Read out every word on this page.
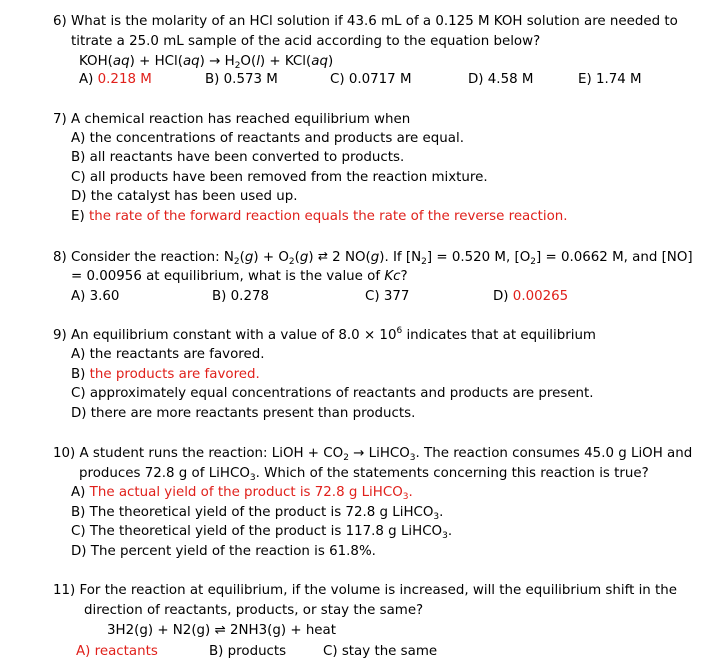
6) What is the molarity of an HCl solution if 43.6 mL of a 0.125 M KOH solution are needed to
titrate a 25.0 mL sample of the acid according to the equation below?
$KOH(aq) + HCl(aq) \to H_2O(l) + KCl(aq)$
A) 0.218 M	B) 0.573 M	C) 0.0717 M	D) 4.58 M	E) 1.74 M
7) A chemical reaction has reached equilibrium when
A) the concentrations of reactants and products are equal.
B) all reactants have been converted to products.
C) all products have been removed from the reaction mixture.
D) the catalyst has been used up.
E) the rate of the forward reaction equals the rate of the reverse reaction.
8) Consider the reaction: $N_2(g) + O_2(g)$ ⇄ 2 NO(g). If $[N_2] = 0.520$ M, $[O_2] = 0.0662$ M, and [NO]
= 0.00956 at equilibrium, what is the value of Kc?
A) 3.60	B) 0.278	C) 377	D) 0.00265
9) An equilibrium constant with a value of $8.0 \times 10^6$ indicates that at equilibrium
A) the reactants are favored.
B) the products are favored.
C) approximately equal concentrations of reactants and products are present.
D) there are more reactants present than products.
10) A student runs the reaction: LiOH + $CO_2$ → LiHCO$_3$. The reaction consumes 45.0 g LiOH and
produces 72.8 g of LiHCO$_3$. Which of the statements concerning this reaction is true?
A) The actual yield of the product is 72.8 g LiHCO$_3$.
B) The theoretical yield of the product is 72.8 g LiHCO$_3$.
C) The theoretical yield of the product is 117.8 g LiHCO$_3$.
D) The percent yield of the reaction is 61.8%.
11) For the reaction at equilibrium, if the volume is increased, will the equilibrium shift in the
direction of reactants, products, or stay the same?
3H2(g) + N2(g) ⇌ 2NH3(g) + heat
A) reactants	B) products	C) stay the same
